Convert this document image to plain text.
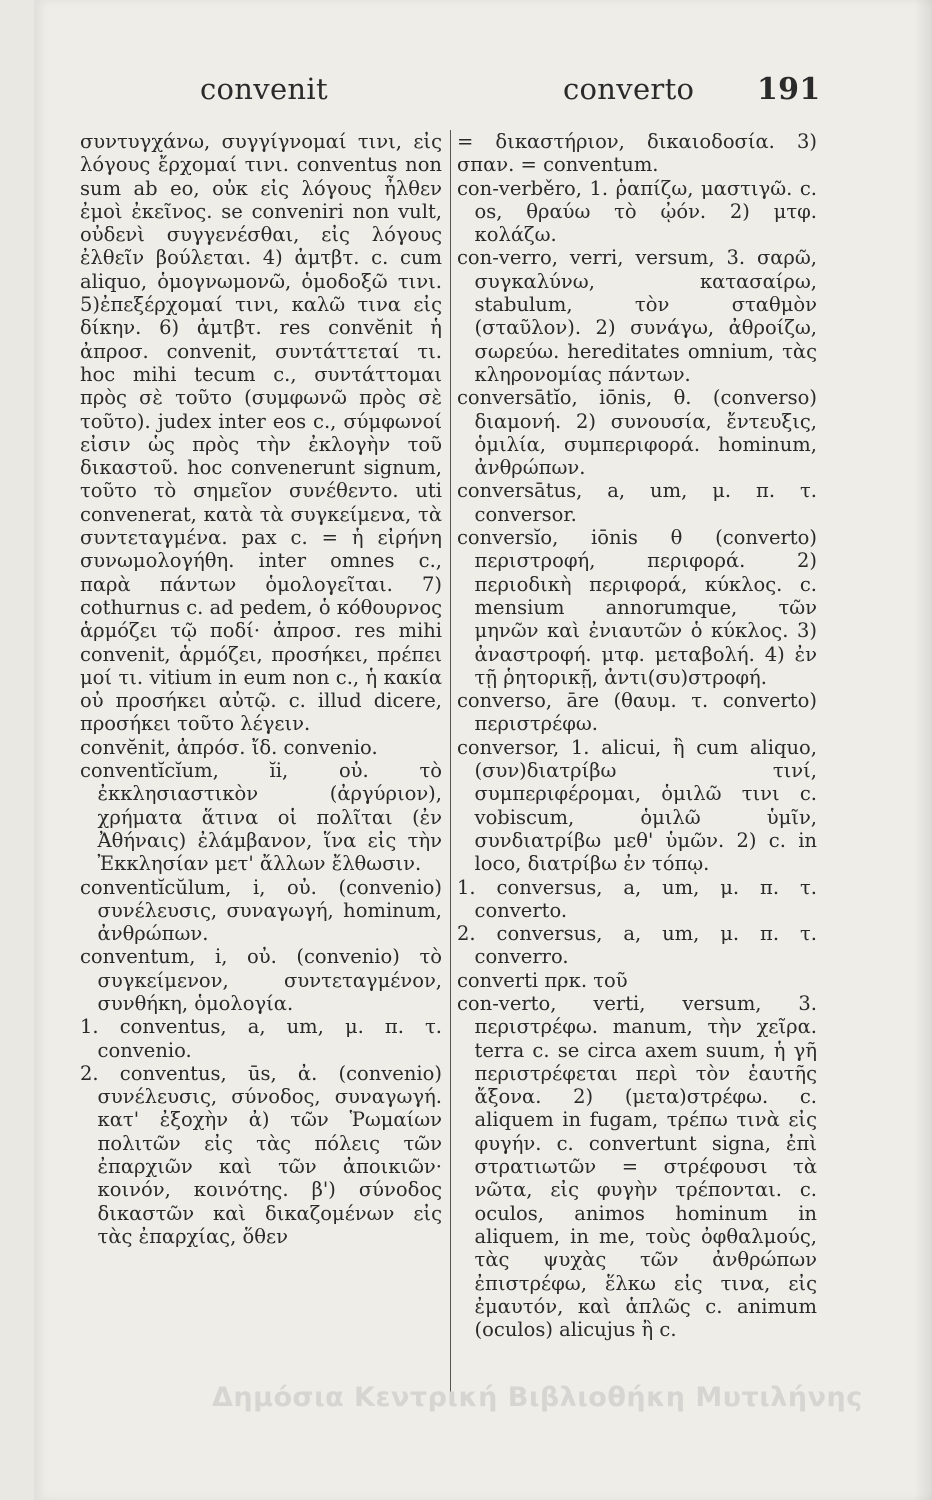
convenit	converto 191

συντυγχάνω, συγγίγνομαί τινι, εἰς λόγους ἔρχομαί τινι. conventus non sum ab eo, οὐκ εἰς λόγους ἦλθεν ἐμοὶ ἐκεῖνος. se conveniri non vult, οὐδενὶ συγγενέσθαι, εἰς λόγους ἐλθεῖν βούλεται. 4) ἀμτβτ. c. cum aliquo, ὁμογνωμονῶ, ὁμοδοξῶ τινι. 5)ἐπεξέρχομαί τινι, καλῶ τινα εἰς δίκην. 6) ἀμτβτ. res convĕnit ἡ ἀπροσ. convenit, συντάττεταί τι. hoc mihi tecum c., συντάττομαι πρὸς σὲ τοῦτο (συμφωνῶ πρὸς σὲ τοῦτο). judex inter eos c., σύμφωνοί εἰσιν ὡς πρὸς τὴν ἐκλογὴν τοῦ δικαστοῦ. hoc convenerunt signum, τοῦτο τὸ σημεῖον συνέθεντο. uti convenerat, κατὰ τὰ συγκείμενα, τὰ συντεταγμένα. pax c. = ἡ εἰρήνη συνωμολογήθη. inter omnes c., παρὰ πάντων ὁμολογεῖται. 7) cothurnus c. ad pedem, ὁ κόθουρνος ἁρμόζει τῷ ποδί· ἀπροσ. res mihi convenit, ἁρμόζει, προσήκει, πρέπει μοί τι. vitium in eum non c., ἡ κακία οὐ προσήκει αὐτῷ. c. illud dicere, προσήκει τοῦτο λέγειν.

convĕnit, ἀπρόσ. ἴδ. convenio.

conventĭcĭum, ĭi, οὐ. τὸ ἐκκλησιαστικὸν (ἀργύριον), χρήματα ἅτινα οἱ πολῖται (ἐν Ἀθήναις) ἐλάμβανον, ἵνα εἰς τὴν Ἐκκλησίαν μετ' ἄλλων ἔλθωσιν.

conventĭcŭlum, i, οὐ. (convenio) συνέλευσις, συναγωγή, hominum, ἀνθρώπων.

conventum, i, οὐ. (convenio) τὸ συγκείμενον, συντεταγμένον, συνθήκη, ὁμολογία.

1. conventus, a, um, μ. π. τ. convenio.

2. conventus, ūs, ἀ. (convenio) συνέλευσις, σύνοδος, συναγωγή. κατ' ἐξοχὴν ἀ) τῶν Ῥωμαίων πολιτῶν εἰς τὰς πόλεις τῶν ἐπαρχιῶν καὶ τῶν ἀποικιῶν· κοινόν, κοινότης. β') σύνοδος δικαστῶν καὶ δικαζομένων εἰς τὰς ἐπαρχίας, ὅθεν

= δικαστήριον, δικαιοδοσία. 3) σπαν. = conventum.

con-verběro, 1. ῥαπίζω, μαστιγῶ. c. os, θραύω τὸ ᾠόν. 2) μτφ. κολάζω.

con-verro, verri, versum, 3. σαρῶ, συγκαλύνω, κατασαίρω, stabulum, τὸν σταθμὸν (σταῦλον). 2) συνάγω, ἀθροίζω, σωρεύω. hereditates omnium, τὰς κληρονομίας πάντων.

conversātĭo, iōnis, θ. (converso) διαμονή. 2) συνουσία, ἔντευξις, ὁμιλία, συμπεριφορά. hominum, ἀνθρώπων.

conversātus, a, um, μ. π. τ. conversor.

conversĭo, iōnis θ (converto) περιστροφή, περιφορά. 2) περιοδικὴ περιφορά, κύκλος. c. mensium annorumque, τῶν μηνῶν καὶ ἐνιαυτῶν ὁ κύκλος. 3) ἀναστροφή. μτφ. μεταβολή. 4) ἐν τῇ ῥητορικῇ, ἀντι(συ)στροφή.

converso, āre (θαυμ. τ. converto) περιστρέφω.

conversor, 1. alicui, ἢ cum aliquo, (συν)διατρίβω τινί, συμπεριφέρομαι, ὁμιλῶ τινι c. vobiscum, ὁμιλῶ ὑμῖν, συνδιατρίβω μεθ' ὑμῶν. 2) c. in loco, διατρίβω ἐν τόπῳ.

1. conversus, a, um, μ. π. τ. converto.

2. conversus, a, um, μ. π. τ. converro.

converti πρκ. τοῦ

con-verto, verti, versum, 3. περιστρέφω. manum, τὴν χεῖρα. terra c. se circa axem suum, ἡ γῆ περιστρέφεται περὶ τὸν ἑαυτῆς ἄξονα. 2) (μετα)στρέφω. c. aliquem in fugam, τρέπω τινὰ εἰς φυγήν. c. convertunt signa, ἐπὶ στρατιωτῶν = στρέφουσι τὰ νῶτα, εἰς φυγὴν τρέπονται. c. oculos, animos hominum in aliquem, in me, τοὺς ὀφθαλμούς, τὰς ψυχὰς τῶν ἀνθρώπων ἐπιστρέφω, ἕλκω εἰς τινα, εἰς ἐμαυτόν, καὶ ἁπλῶς c. animum (oculos) alicujus ἢ c.

Δημόσια Κεντρική Βιβλιοθήκη Μυτιλήνης
